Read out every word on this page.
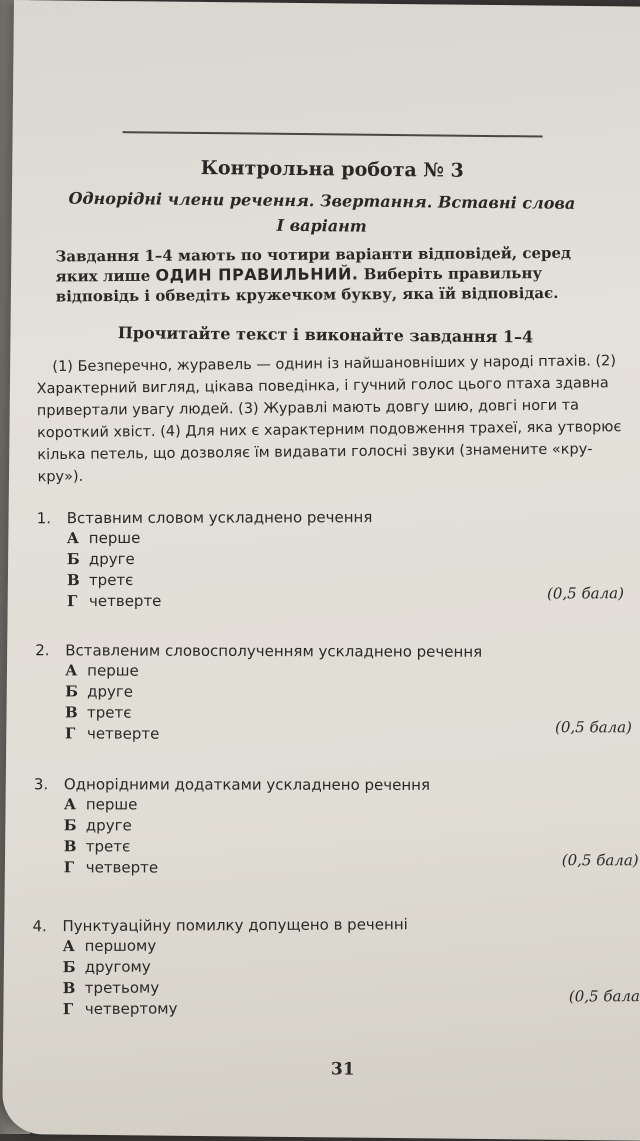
Контрольна робота № 3
Однорідні члени речення. Звертання. Вставні слова
I варіант
Завдання 1–4 мають по чотири варіанти відповідей, серед яких лише ОДИН ПРАВИЛЬНИЙ. Виберіть правильну відповідь і обведіть кружечком букву, яка їй відповідає.
Прочитайте текст і виконайте завдання 1–4
(1) Безперечно, журавель — однин із найшановніших у народі птахів. (2) Характерний вигляд, цікава поведінка, і гучний голос цього птаха здавна привертали увагу людей. (3) Журавлі мають довгу шию, довгі ноги та короткий хвіст. (4) Для них є характерним подовження трахеї, яка утворює кілька петель, що дозволяє їм видавати голосні звуки (знамените «кру-кру»).
1. Вставним словом ускладнено речення
А перше
Б друге
В третє
Г четверте	(0,5 бала)
2. Вставленим словосполученням ускладнено речення
А перше
Б друге
В третє
Г четверте	(0,5 бала)
3. Однорідними додатками ускладнено речення
А перше
Б друге
В третє
Г четверте	(0,5 бала)
4. Пунктуаційну помилку допущено в реченні
А першому
Б другому
В третьому
Г четвертому
(0,5 бала
31
